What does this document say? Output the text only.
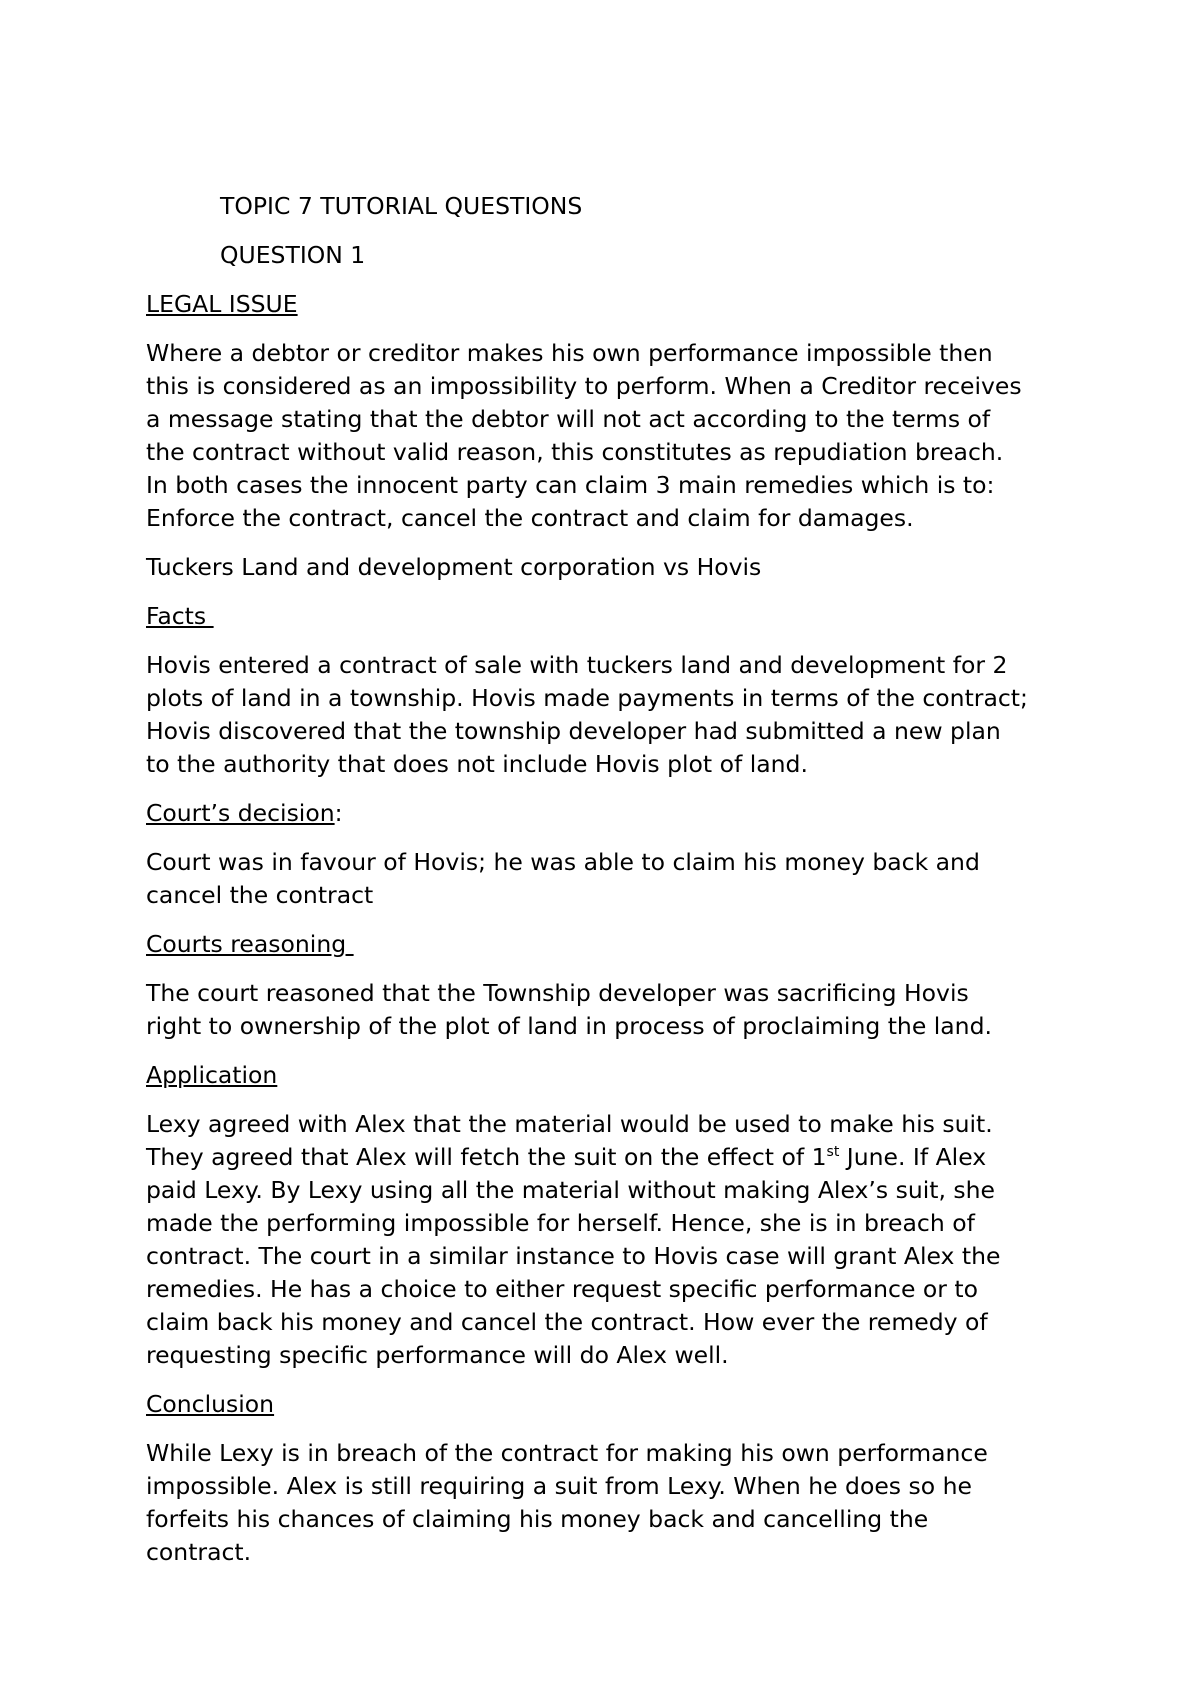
TOPIC 7 TUTORIAL QUESTIONS
QUESTION 1
LEGAL ISSUE
Where a debtor or creditor makes his own performance impossible then
this is considered as an impossibility to perform. When a Creditor receives
a message stating that the debtor will not act according to the terms of
the contract without valid reason, this constitutes as repudiation breach.
In both cases the innocent party can claim 3 main remedies which is to:
Enforce the contract, cancel the contract and claim for damages.
Tuckers Land and development corporation vs Hovis
Facts
Hovis entered a contract of sale with tuckers land and development for 2
plots of land in a township. Hovis made payments in terms of the contract;
Hovis discovered that the township developer had submitted a new plan
to the authority that does not include Hovis plot of land.
Court’s decision:
Court was in favour of Hovis; he was able to claim his money back and
cancel the contract
Courts reasoning
The court reasoned that the Township developer was sacrificing Hovis
right to ownership of the plot of land in process of proclaiming the land.
Application
Lexy agreed with Alex that the material would be used to make his suit.
They agreed that Alex will fetch the suit on the effect of 1st June. If Alex
paid Lexy. By Lexy using all the material without making Alex’s suit, she
made the performing impossible for herself. Hence, she is in breach of
contract. The court in a similar instance to Hovis case will grant Alex the
remedies. He has a choice to either request specific performance or to
claim back his money and cancel the contract. How ever the remedy of
requesting specific performance will do Alex well.
Conclusion
While Lexy is in breach of the contract for making his own performance
impossible. Alex is still requiring a suit from Lexy. When he does so he
forfeits his chances of claiming his money back and cancelling the
contract.
